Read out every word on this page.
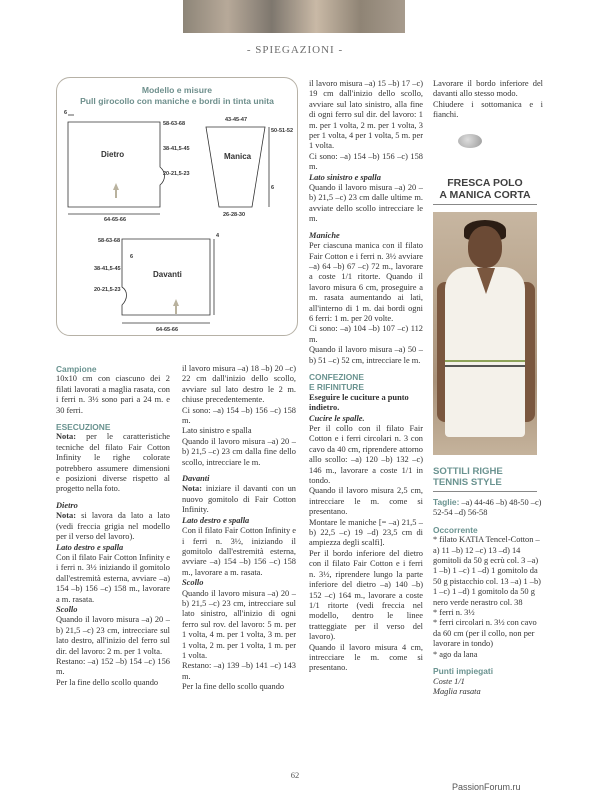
- SPIEGAZIONI -
Modello e misure
Pull girocollo con maniche e bordi in tinta unita
Dietro	Manica
Davanti
58-63-68
38-41,5-45
20-21,5-23
64-65-66
6
43-45-47
50-51-52
6
26-28-30
58-63-68
38-41,5-45
20-21,5-23
6
4
64-65-66

Campione

10x10 cm con ciascuno dei 2 filati lavorati a maglia rasata, con i ferri n. 3½ sono pari a 24 m. e 30 ferri.

ESECUZIONE

Nota: per le caratteristiche tecniche del filato Fair Cotton Infinity le righe colorate potrebbero assumere dimensioni e posizioni diverse rispetto al progetto nella foto.

Dietro

Nota: si lavora da lato a lato (vedi freccia grigia nel modello per il verso del lavoro).

Lato destro e spalla

Con il filato Fair Cotton Infinity e i ferri n. 3½ iniziando il gomitolo dall'estremità esterna, avviare –a) 154 –b) 156 –c) 158 m., lavorare a m. rasata.

Scollo

Quando il lavoro misura –a) 20 –b) 21,5 –c) 23 cm, intrecciare sul lato destro, all'inizio del ferro sul dir. del lavoro: 2 m. per 1 volta.

Restano: –a) 152 –b) 154 –c) 156 m.

Per la fine dello scollo quando

il lavoro misura –a) 18 –b) 20 –c) 22 cm dall'inizio dello scollo, avviare sul lato destro le 2 m. chiuse precedentemente.

Ci sono: –a) 154 –b) 156 –c) 158 m.

Lato sinistro e spalla

Quando il lavoro misura –a) 20 –b) 21,5 –c) 23 cm dalla fine dello scollo, intrecciare le m.

Davanti

Nota: iniziare il davanti con un nuovo gomitolo di Fair Cotton Infinity.

Lato destro e spalla

Con il filato Fair Cotton Infinity e i ferri n. 3½, iniziando il gomitolo dall'estremità esterna, avviare –a) 154 –b) 156 –c) 158 m., lavorare a m. rasata.

Scollo

Quando il lavoro misura –a) 20 –b) 21,5 –c) 23 cm, intrecciare sul lato sinistro, all'inizio di ogni ferro sul rov. del lavoro: 5 m. per 1 volta, 4 m. per 1 volta, 3 m. per 1 volta, 2 m. per 1 volta, 1 m. per 1 volta.

Restano: –a) 139 –b) 141 –c) 143 m.

Per la fine dello scollo quando

il lavoro misura –a) 15 –b) 17 –c) 19 cm dall'inizio dello scollo, avviare sul lato sinistro, alla fine di ogni ferro sul dir. del lavoro: 1 m. per 1 volta, 2 m. per 1 volta, 3 per 1 volta, 4 per 1 volta, 5 m. per 1 volta.

Ci sono: –a) 154 –b) 156 –c) 158 m.

Lato sinistro e spalla

Quando il lavoro misura –a) 20 –b) 21,5 –c) 23 cm dalle ultime m. avviate dello scollo intrecciare le m.

Maniche

Per ciascuna manica con il filato Fair Cotton e i ferri n. 3½ avviare –a) 64 –b) 67 –c) 72 m., lavorare a coste 1/1 ritorte. Quando il lavoro misura 6 cm, proseguire a m. rasata aumentando ai lati, all'interno di 1 m. dai bordi ogni 6 ferri: 1 m. per 20 volte.

Ci sono: –a) 104 –b) 107 –c) 112 m.

Quando il lavoro misura –a) 50 –b) 51 –c) 52 cm, intrecciare le m.

CONFEZIONE

E RIFINITURE

Eseguire le cuciture a punto indietro.

Cucire le spalle.

Per il collo con il filato Fair Cotton e i ferri circolari n. 3 con cavo da 40 cm, riprendere attorno allo scollo: –a) 120 –b) 132 –c) 146 m., lavorare a coste 1/1 in tondo.

Quando il lavoro misura 2,5 cm, intrecciare le m. come si presentano.

Montare le maniche [= –a) 21,5 –b) 22,5 –c) 19 –d) 23,5 cm di ampiezza degli scalfi].

Per il bordo inferiore del dietro con il filato Fair Cotton e i ferri n. 3½, riprendere lungo la parte inferiore del dietro –a) 140 –b) 152 –c) 164 m., lavorare a coste 1/1 ritorte (vedi freccia nel modello, dentro le linee tratteggiate per il verso del lavoro).

Quando il lavoro misura 4 cm, intrecciare le m. come si presentano.

Lavorare il bordo inferiore del davanti allo stesso modo.

Chiudere i sottomanica e i fianchi.

FRESCA POLO
A MANICA CORTA
SOTTILI RIGHE
TENNIS STYLE

Taglie: –a) 44-46 –b) 48-50 –c) 52-54 –d) 56-58

Occorrente

* filato KATIA Tencel-Cotton –a) 11 –b) 12 –c) 13 –d) 14 gomitoli da 50 g ecrù col. 3 –a) 1 –b) 1 –c) 1 –d) 1 gomitolo da 50 g pistacchio col. 13 –a) 1 –b) 1 –c) 1 –d) 1 gomitolo da 50 g nero verde nerastro col. 38

* ferri n. 3½

* ferri circolari n. 3½ con cavo da 60 cm (per il collo, non per lavorare in tondo)

* ago da lana

Punti impiegati

Coste 1/1

Maglia rasata

62
PassionForum.ru
